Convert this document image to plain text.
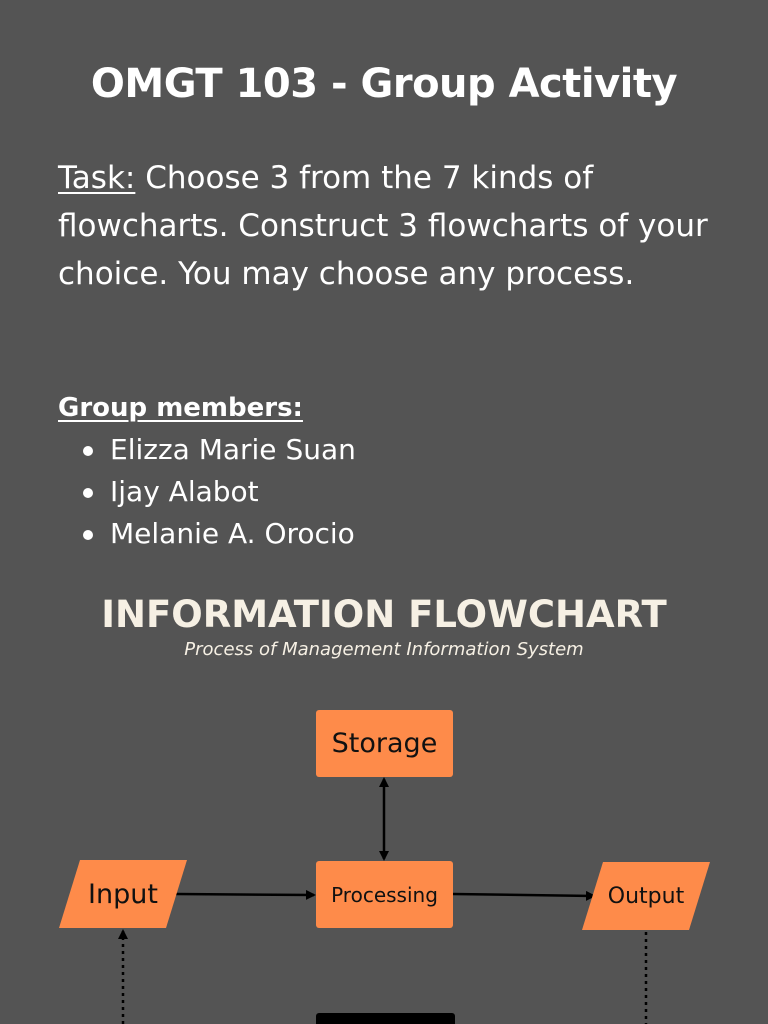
OMGT 103 - Group Activity
Task: Choose 3 from the 7 kinds of flowcharts. Construct 3 flowcharts of your choice. You may choose any process.
Group members:
Elizza Marie Suan
Ijay Alabot
Melanie A. Orocio
INFORMATION FLOWCHART
Process of Management Information System
Storage
Processing
Input	Output
